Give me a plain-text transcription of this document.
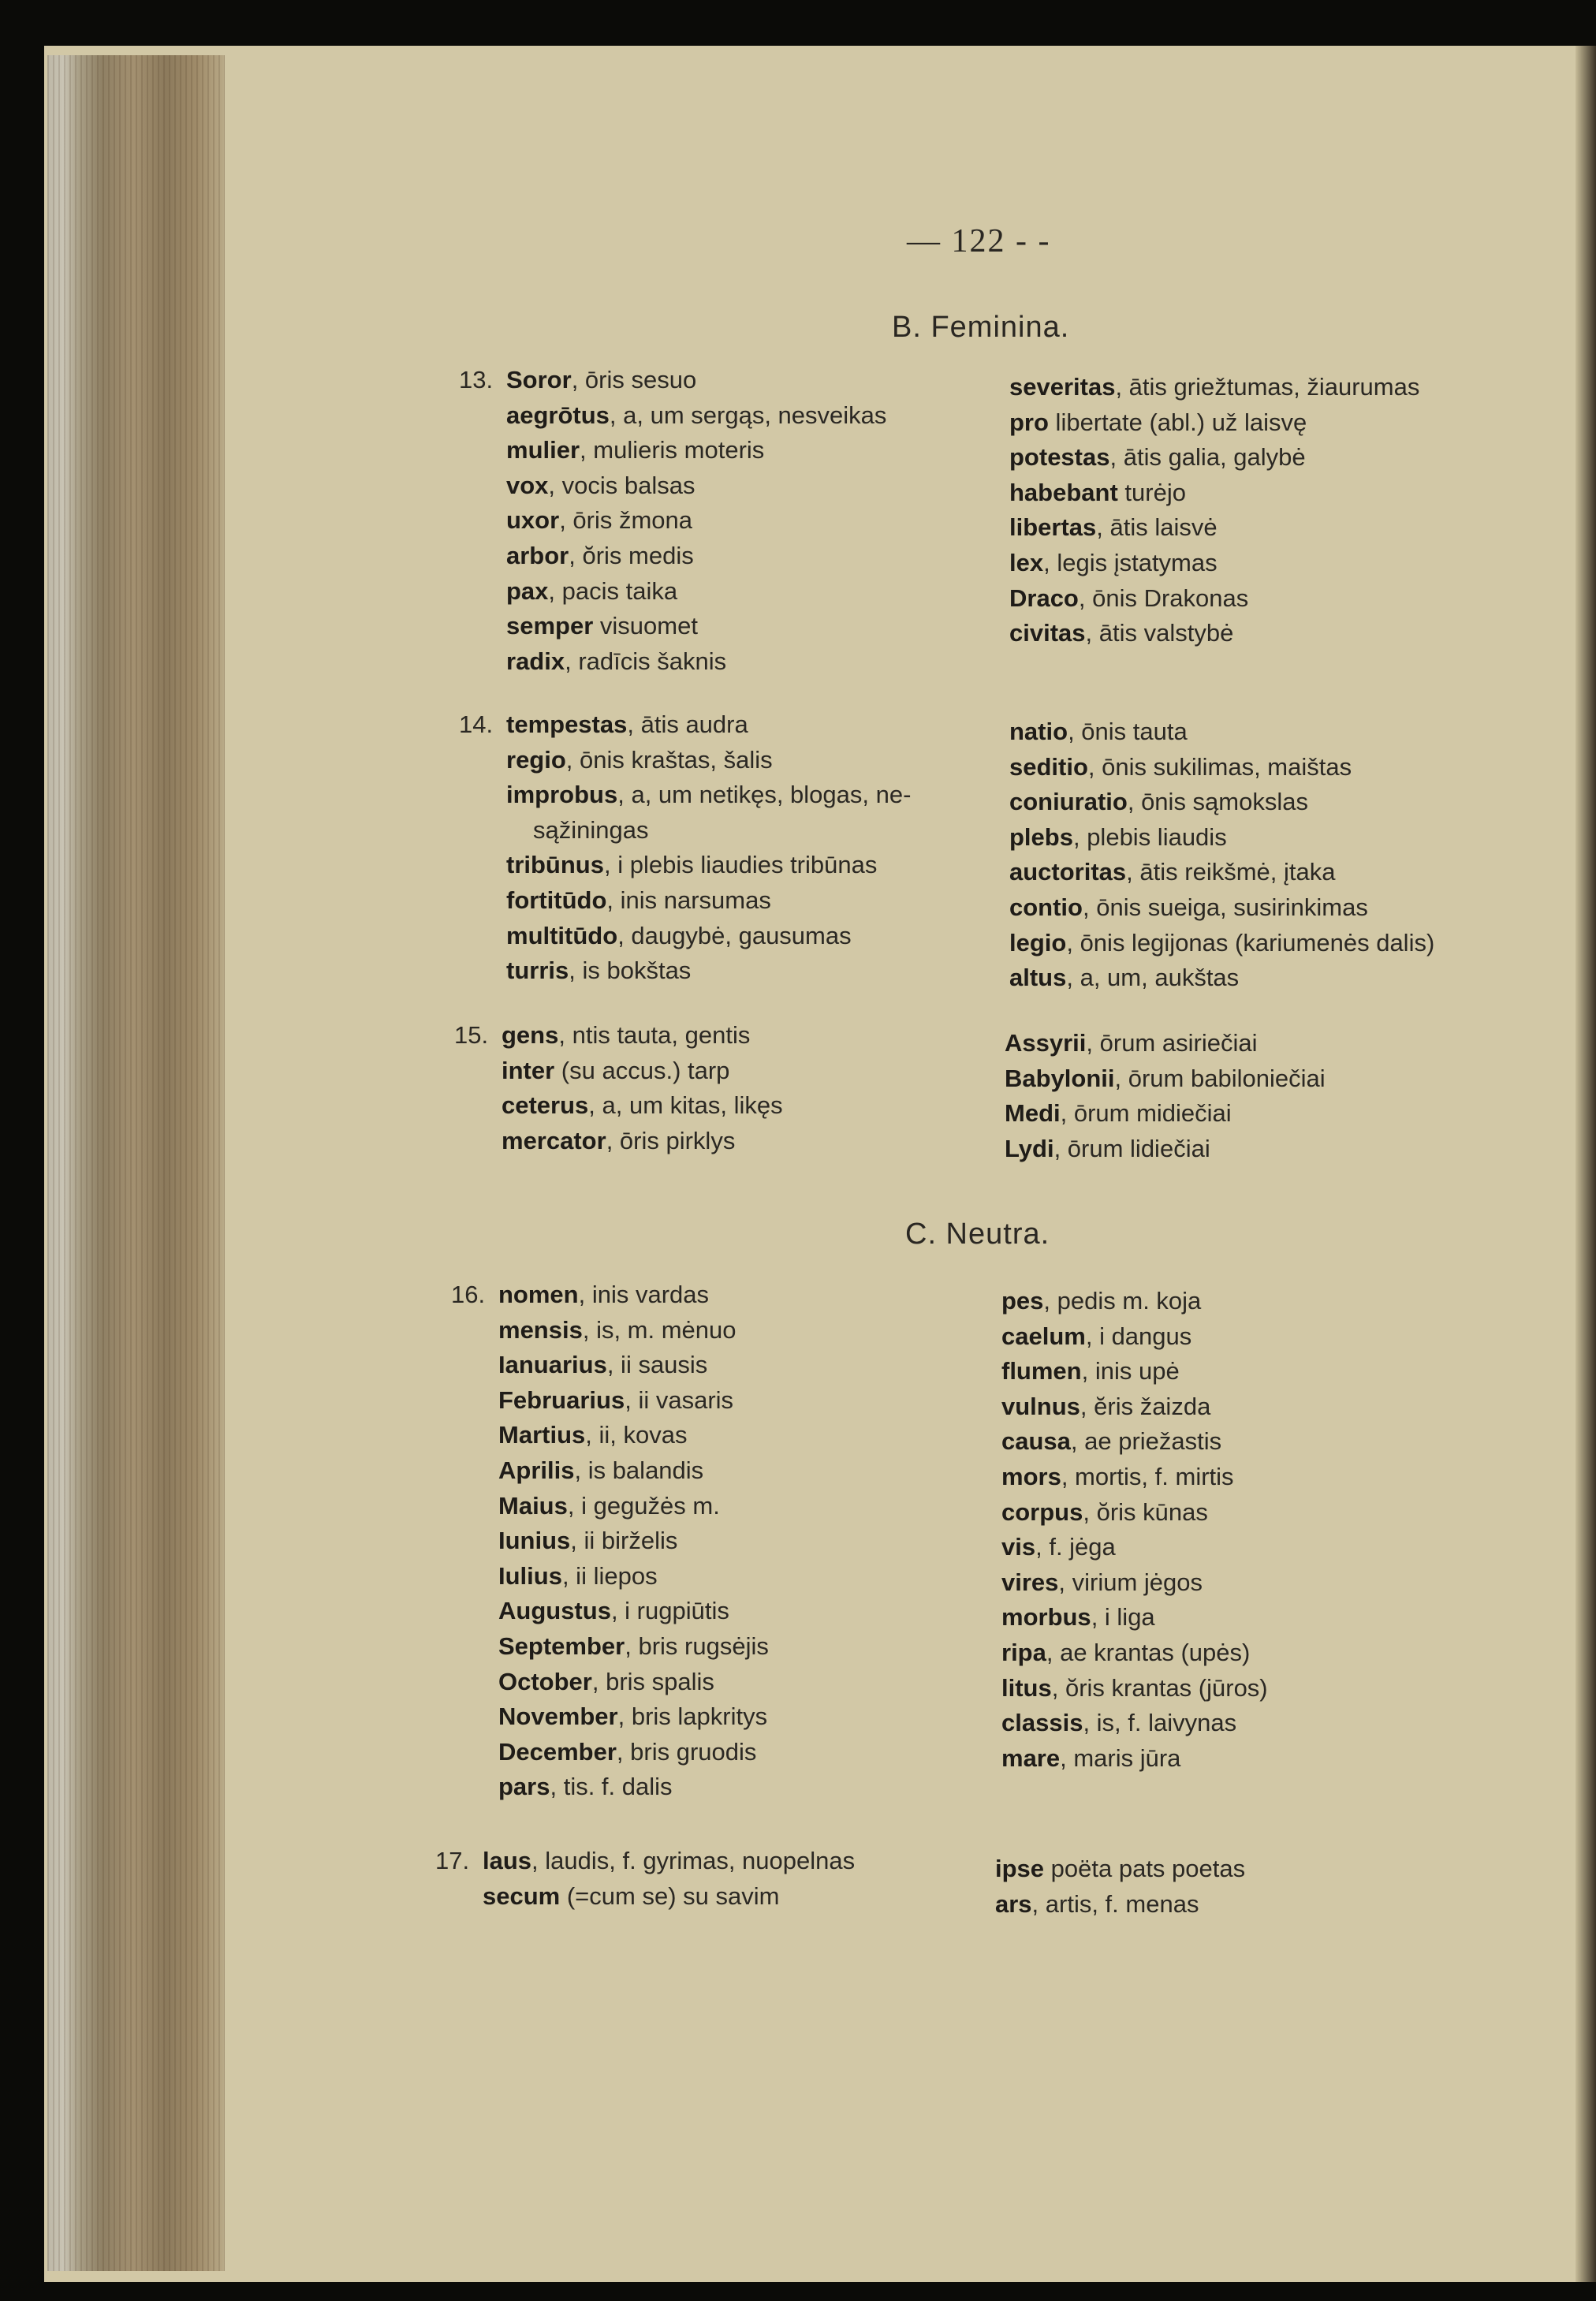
— 122 - -
B. Feminina.
C. Neutra.
13. Soror, ōris sesuo
aegrōtus, a, um sergąs, nesveikas
mulier, mulieris moteris
vox, vocis balsas
uxor, ōris žmona
arbor, ŏris medis
pax, pacis taika
semper visuomet
radix, radīcis šaknis
severitas, ātis griežtumas, žiaurumas
pro libertate (abl.) už laisvę
potestas, ātis galia, galybė
habebant turėjo
libertas, ātis laisvė
lex, legis įstatymas
Draco, ōnis Drakonas
civitas, ātis valstybė
14. tempestas, ātis audra
regio, ōnis kraštas, šalis
improbus, a, um netikęs, blogas, ne-
sąžiningas
tribūnus, i plebis liaudies tribūnas
fortitūdo, inis narsumas
multitūdo, daugybė, gausumas
turris, is bokštas
natio, ōnis tauta
seditio, ōnis sukilimas, maištas
coniuratio, ōnis sąmokslas
plebs, plebis liaudis
auctoritas, ātis reikšmė, įtaka
contio, ōnis sueiga, susirinkimas
legio, ōnis legijonas (kariumenės dalis)
altus, a, um, aukštas
15. gens, ntis tauta, gentis
inter (su accus.) tarp
ceterus, a, um kitas, likęs
mercator, ōris pirklys
Assyrii, ōrum asiriečiai
Babylonii, ōrum babiloniečiai
Medi, ōrum midiečiai
Lydi, ōrum lidiečiai
16. nomen, inis vardas
mensis, is, m. mėnuo
Ianuarius, ii sausis
Februarius, ii vasaris
Martius, ii, kovas
Aprilis, is balandis
Maius, i gegužės m.
Iunius, ii birželis
Iulius, ii liepos
Augustus, i rugpiūtis
September, bris rugsėjis
October, bris spalis
November, bris lapkritys
December, bris gruodis
pars, tis. f. dalis
pes, pedis m. koja
caelum, i dangus
flumen, inis upė
vulnus, ĕris žaizda
causa, ae priežastis
mors, mortis, f. mirtis
corpus, ŏris kūnas
vis, f. jėga
vires, virium jėgos
morbus, i liga
ripa, ae krantas (upės)
litus, ŏris krantas (jūros)
classis, is, f. laivynas
mare, maris jūra
17. laus, laudis, f. gyrimas, nuopelnas
secum (=cum se) su savim
ipse poëta pats poetas
ars, artis, f. menas
